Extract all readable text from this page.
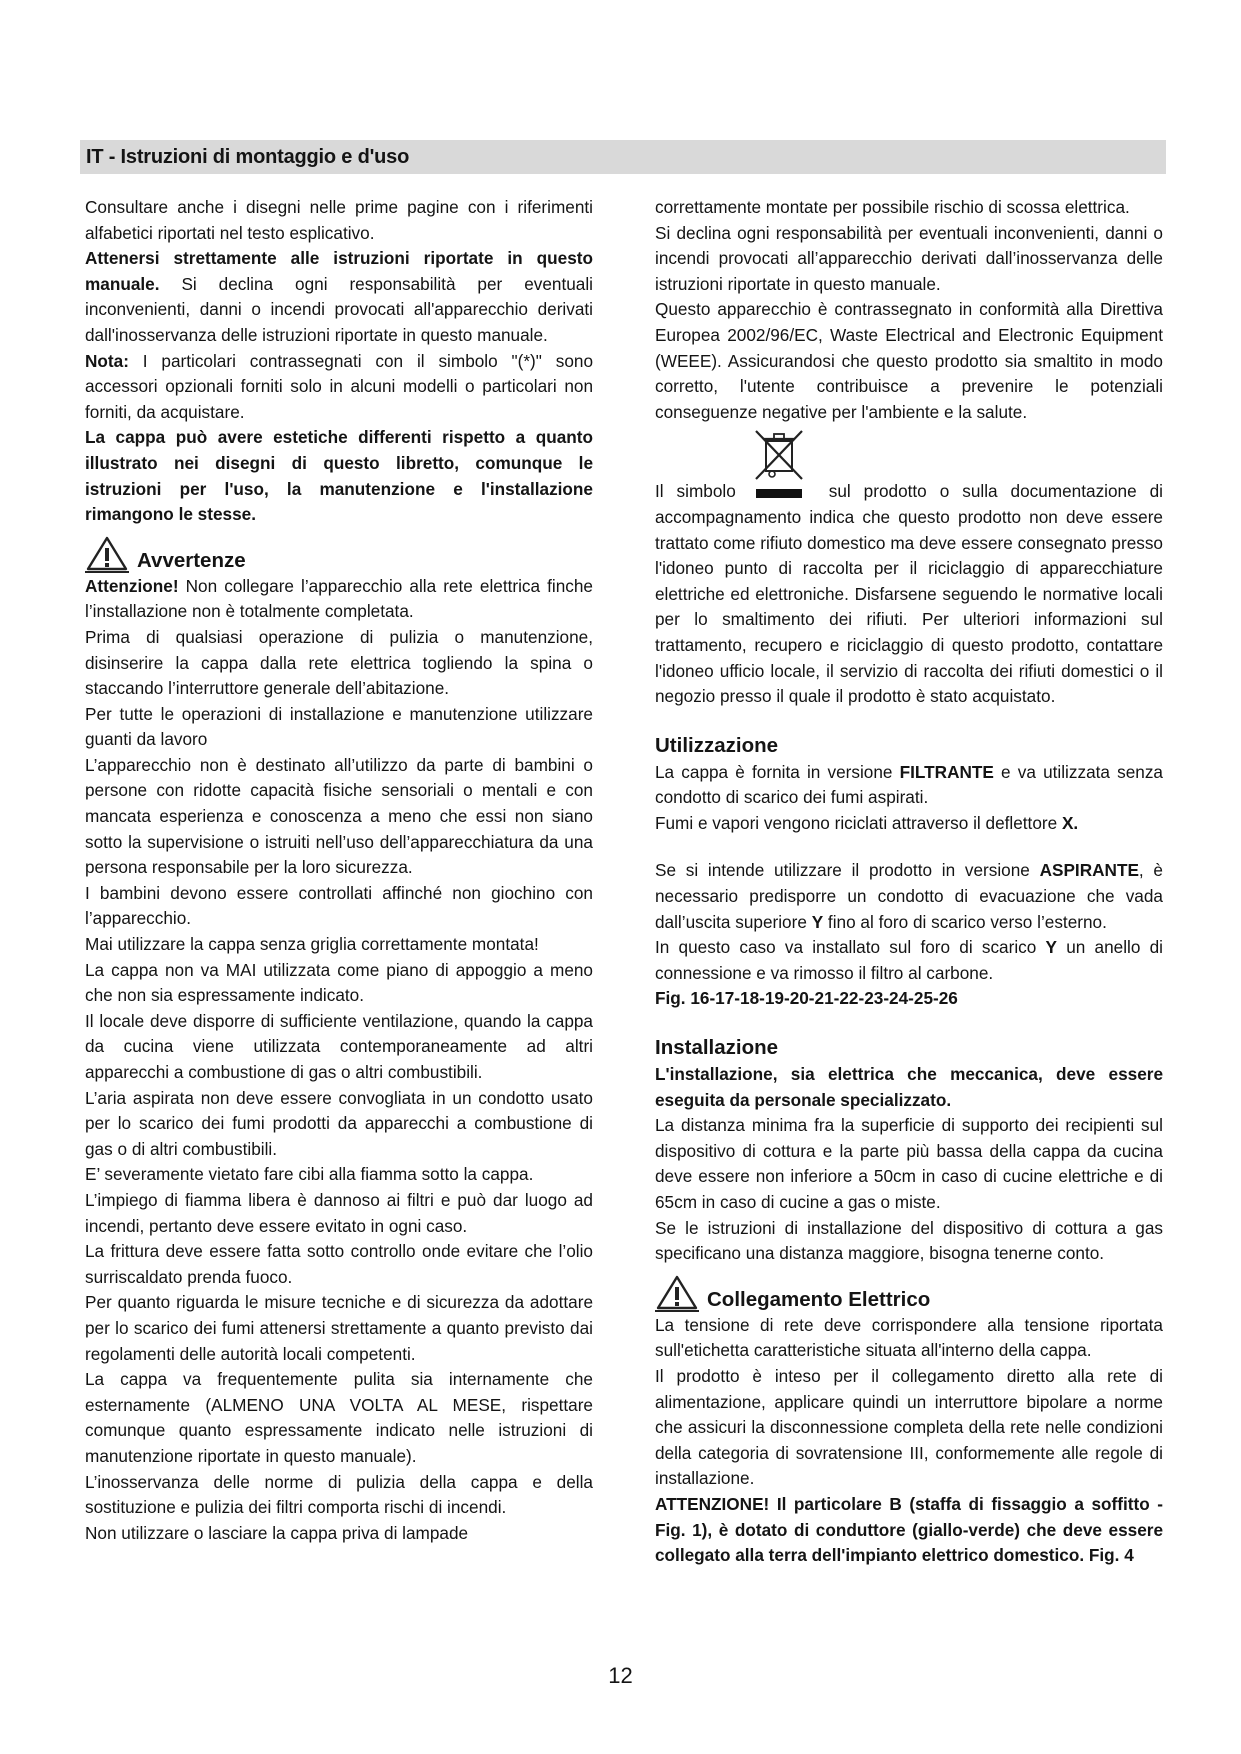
IT - Istruzioni di montaggio e d'uso

Consultare anche i disegni nelle prime pagine con i riferimenti alfabetici riportati nel testo esplicativo.

Attenersi strettamente alle istruzioni riportate in questo manuale. Si declina ogni responsabilità per eventuali inconvenienti, danni o incendi provocati all'apparecchio derivati dall'inosservanza delle istruzioni riportate in questo manuale.

Nota: I particolari contrassegnati con il simbolo "(*)" sono accessori opzionali forniti solo in alcuni modelli o particolari non forniti, da acquistare.

La cappa può avere estetiche differenti rispetto a quanto illustrato nei disegni di questo libretto, comunque le istruzioni per l'uso, la manutenzione e l'installazione rimangono le stesse.

Avvertenze

Attenzione! Non collegare l’apparecchio alla rete elettrica finche l’installazione non è totalmente completata.

Prima di qualsiasi operazione di pulizia o manutenzione, disinserire la cappa dalla rete elettrica togliendo la spina o staccando l’interruttore generale dell’abitazione.

Per tutte le operazioni di installazione e manutenzione utilizzare guanti da lavoro

L’apparecchio non è destinato all’utilizzo da parte di bambini o persone con ridotte capacità fisiche sensoriali o mentali e con mancata esperienza e conoscenza a meno che essi non siano sotto la supervisione o istruiti nell’uso dell’apparecchiatura da una persona responsabile per la loro sicurezza.

I bambini devono essere controllati affinché non giochino con l’apparecchio.

Mai utilizzare la cappa senza griglia correttamente montata!

La cappa non va MAI utilizzata come piano di appoggio a meno che non sia espressamente indicato.

Il locale deve disporre di sufficiente ventilazione, quando la cappa da cucina viene utilizzata contemporaneamente ad altri apparecchi a combustione di gas o altri combustibili.

L’aria aspirata non deve essere convogliata in un condotto usato per lo scarico dei fumi prodotti da apparecchi a combustione di gas o di altri combustibili.

E’ severamente vietato fare cibi alla fiamma sotto la cappa.

L’impiego di fiamma libera è dannoso ai filtri e può dar luogo ad incendi, pertanto deve essere evitato in ogni caso.

La frittura deve essere fatta sotto controllo onde evitare che l’olio surriscaldato prenda fuoco.

Per quanto riguarda le misure tecniche e di sicurezza da adottare per lo scarico dei fumi attenersi strettamente a quanto previsto dai regolamenti delle autorità locali competenti.

La cappa va frequentemente pulita sia internamente che esternamente (ALMENO UNA VOLTA AL MESE, rispettare comunque quanto espressamente indicato nelle istruzioni di manutenzione riportate in questo manuale).

L’inosservanza delle norme di pulizia della cappa e della sostituzione e pulizia dei filtri comporta rischi di incendi.

Non utilizzare o lasciare la cappa priva di lampade

correttamente montate per possibile rischio di scossa elettrica.

Si declina ogni responsabilità per eventuali inconvenienti, danni o incendi provocati all’apparecchio derivati dall’inosservanza delle istruzioni riportate in questo manuale.

Questo apparecchio è contrassegnato in conformità alla Direttiva Europea 2002/96/EC, Waste Electrical and Electronic Equipment (WEEE). Assicurandosi che questo prodotto sia smaltito in modo corretto, l'utente contribuisce a prevenire le potenziali conseguenze negative per l'ambiente e la salute.

Il simbolo	sul prodotto o sulla documentazione di accompagnamento indica che questo prodotto non deve essere trattato come rifiuto domestico ma deve essere consegnato presso l'idoneo punto di raccolta per il riciclaggio di apparecchiature elettriche ed elettroniche. Disfarsene seguendo le normative locali per lo smaltimento dei rifiuti. Per ulteriori informazioni sul trattamento, recupero e riciclaggio di questo prodotto, contattare l'idoneo ufficio locale, il servizio di raccolta dei rifiuti domestici o il negozio presso il quale il prodotto è stato acquistato.

Utilizzazione

La cappa è fornita in versione FILTRANTE e va utilizzata senza condotto di scarico dei fumi aspirati.

Fumi e vapori vengono riciclati attraverso il deflettore X.

Se si intende utilizzare il prodotto in versione ASPIRANTE, è necessario predisporre un condotto di evacuazione che vada dall’uscita superiore Y fino al foro di scarico verso l’esterno.

In questo caso va installato sul foro di scarico Y un anello di connessione e va rimosso il filtro al carbone.

Fig. 16-17-18-19-20-21-22-23-24-25-26

Installazione

L'installazione, sia elettrica che meccanica, deve essere eseguita da personale specializzato.

La distanza minima fra la superficie di supporto dei recipienti sul dispositivo di cottura e la parte più bassa della cappa da cucina deve essere non inferiore a 50cm in caso di cucine elettriche e di 65cm in caso di cucine a gas o miste.

Se le istruzioni di installazione del dispositivo di cottura a gas specificano una distanza maggiore, bisogna tenerne conto.

Collegamento Elettrico

La tensione di rete deve corrispondere alla tensione riportata sull'etichetta caratteristiche situata all'interno della cappa.

Il prodotto è inteso per il collegamento diretto alla rete di alimentazione, applicare quindi un interruttore bipolare a norme che assicuri la disconnessione completa della rete nelle condizioni della categoria di sovratensione III, conformemente alle regole di installazione.

ATTENZIONE! Il particolare B (staffa di fissaggio a soffitto - Fig. 1), è dotato di conduttore (giallo-verde) che deve essere collegato alla terra dell'impianto elettrico domestico. Fig. 4

12
